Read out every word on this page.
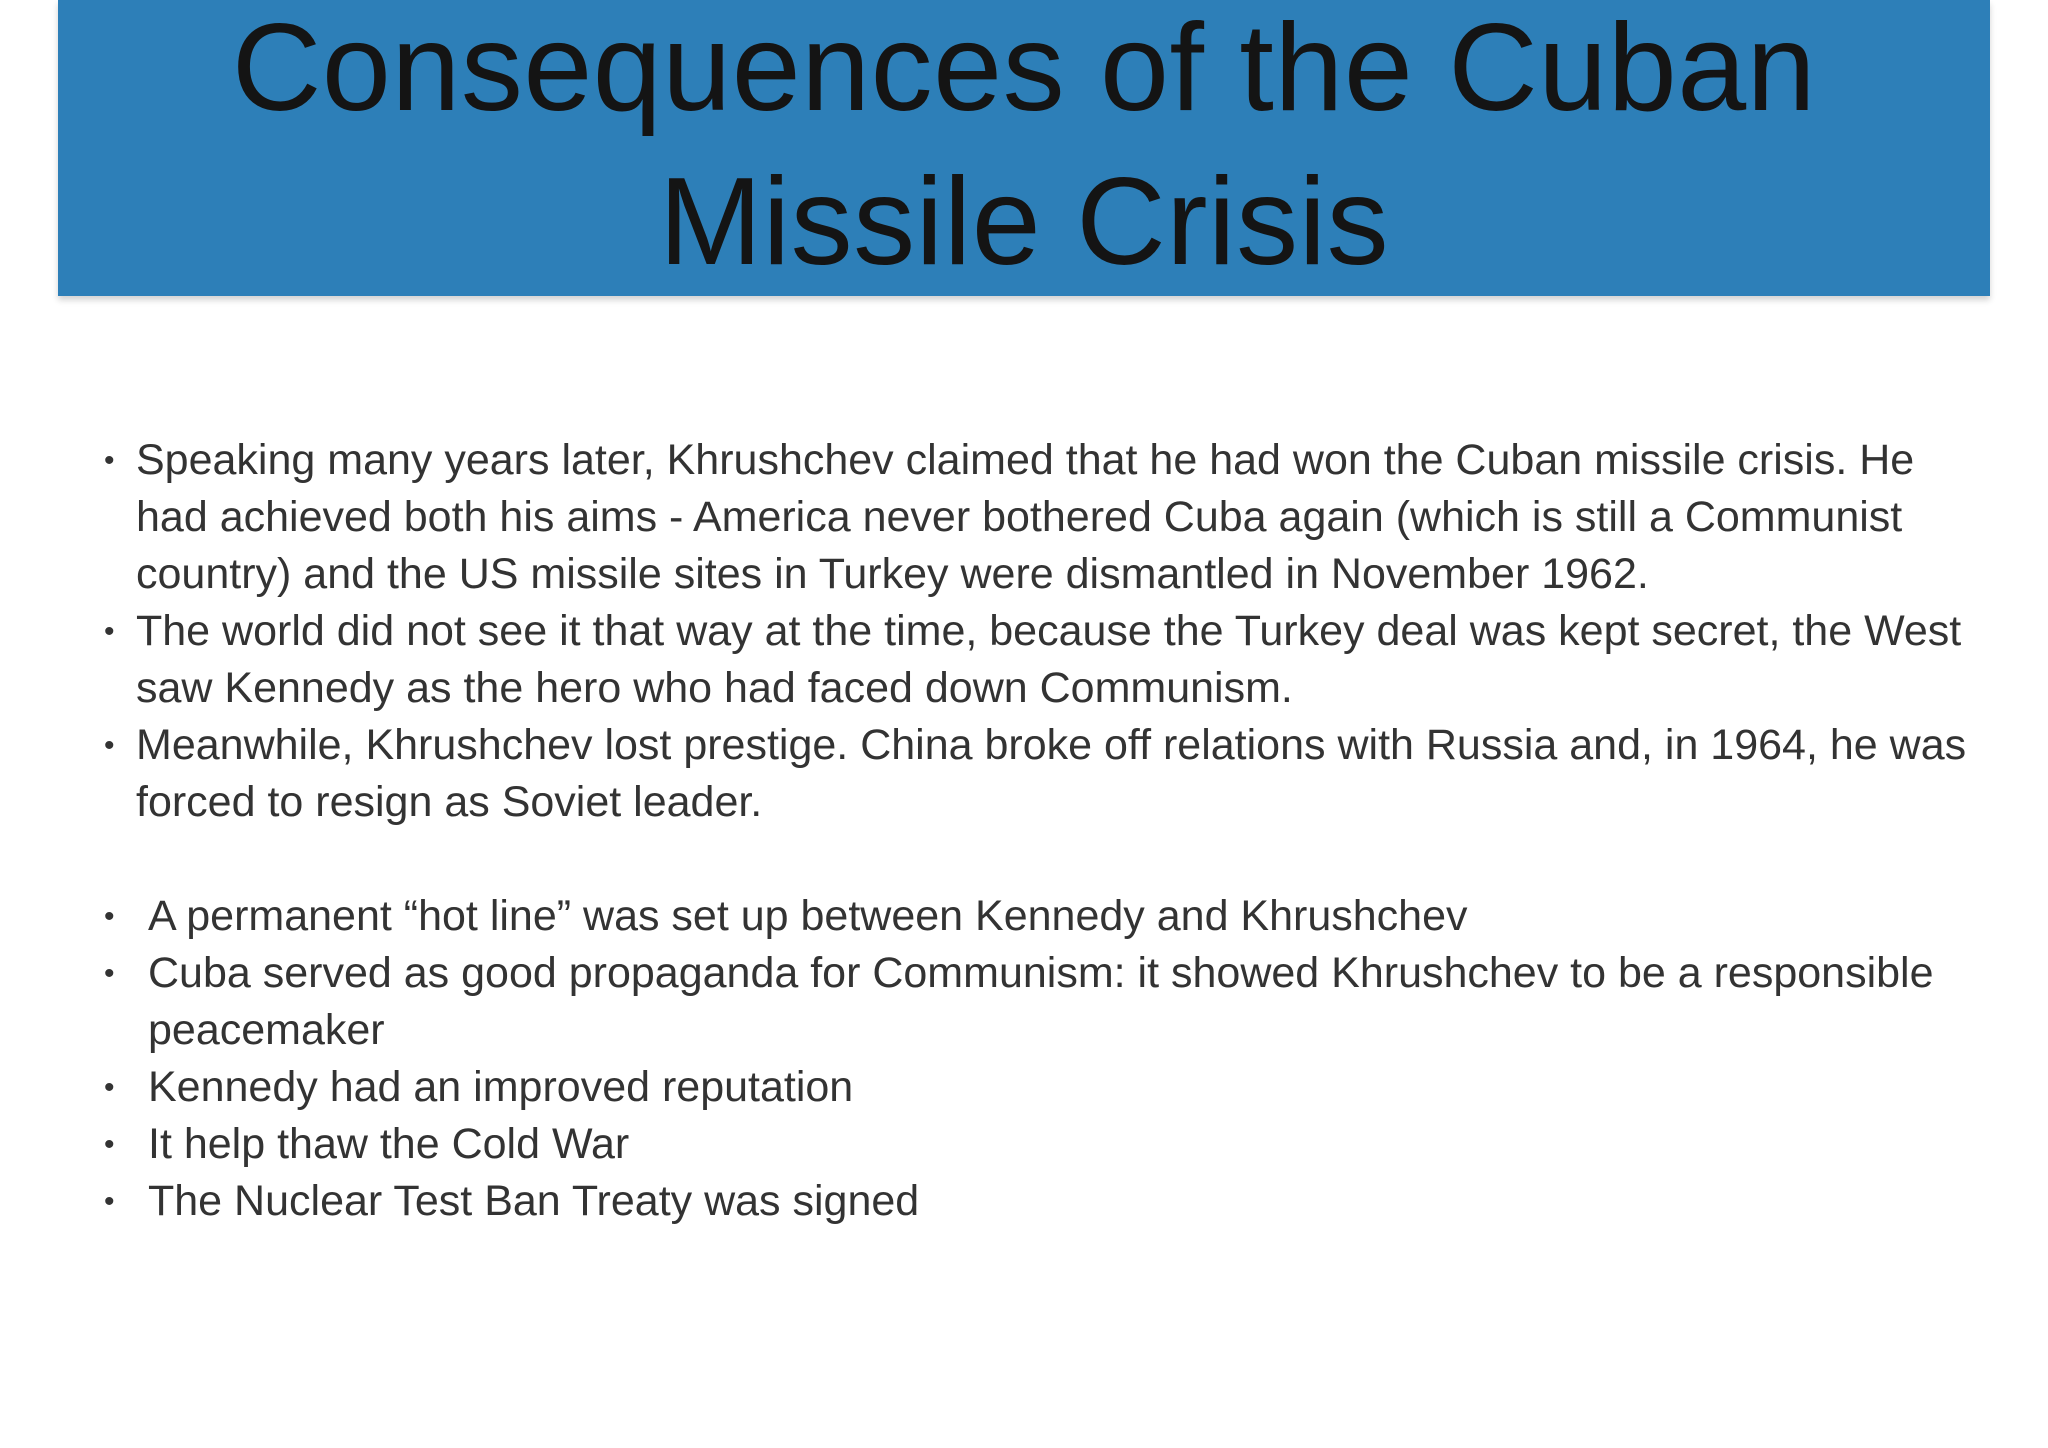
Consequences of the Cuban
Missile Crisis
• Speaking many years later, Khrushchev claimed that he had won the Cuban missile crisis. He had achieved both his aims - America never bothered Cuba again (which is still a Communist country) and the US missile sites in Turkey were dismantled in November 1962.
• The world did not see it that way at the time, because the Turkey deal was kept secret, the West saw Kennedy as the hero who had faced down Communism.
• Meanwhile, Khrushchev lost prestige. China broke off relations with Russia and, in 1964, he was forced to resign as Soviet leader.
• A permanent “hot line” was set up between Kennedy and Khrushchev
• Cuba served as good propaganda for Communism: it showed Khrushchev to be a responsible peacemaker
• Kennedy had an improved reputation
• It help thaw the Cold War
• The Nuclear Test Ban Treaty was signed
